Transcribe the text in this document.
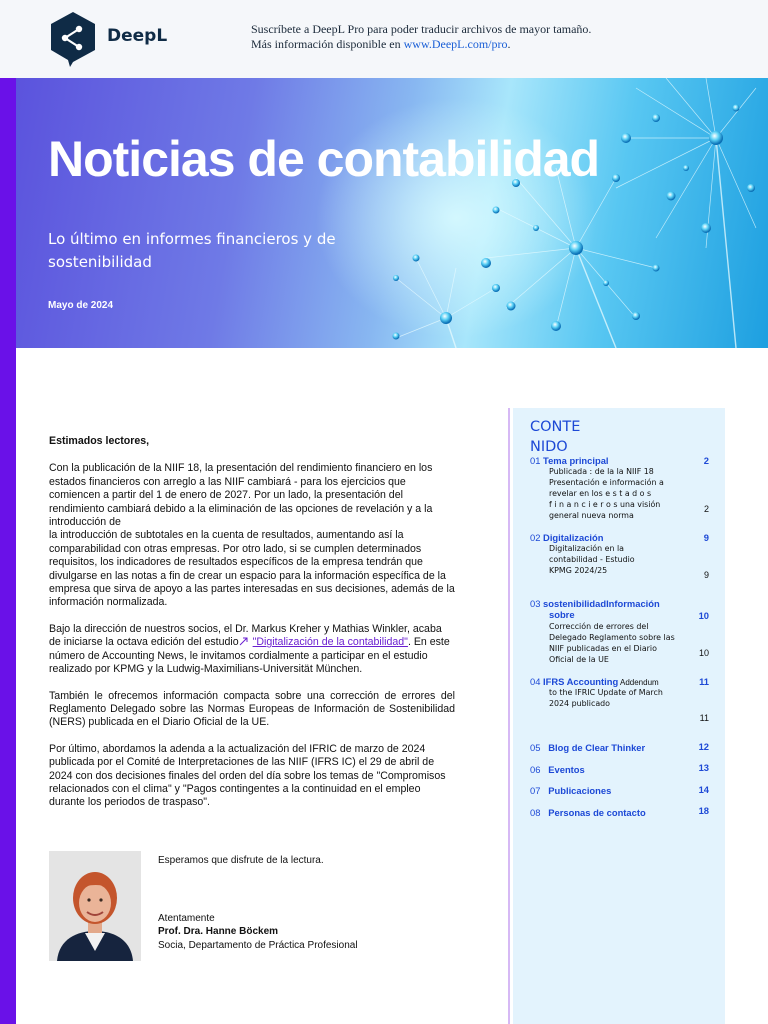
DeepL	Suscríbete a DeepL Pro para poder traducir archivos de mayor tamaño.
Más información disponible en www.DeepL.com/pro.
Noticias de contabilidad
Lo último en informes financieros y de sostenibilidad
Mayo de 2024
Estimados lectores,

Con la publicación de la NIIF 18, la presentación del rendimiento financiero en los estados financieros con arreglo a las NIIF cambiará - para los ejercicios que comiencen a partir del 1 de enero de 2027. Por un lado, la presentación del rendimiento cambiará debido a la eliminación de las opciones de revelación y a la introducción de
la introducción de subtotales en la cuenta de resultados, aumentando así la comparabilidad con otras empresas. Por otro lado, si se cumplen determinados requisitos, los indicadores de resultados específicos de la empresa tendrán que divulgarse en las notas a fin de crear un espacio para la información específica de la empresa que sirva de apoyo a las partes interesadas en sus decisiones, además de la información normalizada.

Bajo la dirección de nuestros socios, el Dr. Markus Kreher y Mathias Winkler, acaba de iniciarse la octava edición del estudio "Digitalización de la contabilidad". En este número de Accounting News, le invitamos cordialmente a participar en el estudio realizado por KPMG y la Ludwig-Maximilians-Universität München.

También le ofrecemos información compacta sobre una corrección de errores del Reglamento Delegado sobre las Normas Europeas de Información de Sostenibilidad (NERS) publicada en el Diario Oficial de la UE.

Por último, abordamos la adenda a la actualización del IFRIC de marzo de 2024 publicada por el Comité de Interpretaciones de las NIIF (IFRS IC) el 29 de abril de 2024 con dos decisiones finales del orden del día sobre los temas de "Compromisos relacionados con el clima" y "Pagos contingentes a la continuidad en el empleo durante los periodos de traspaso".

Esperamos que disfrute de la lectura.
Atentamente
Prof. Dra. Hanne Böckem
Socia, Departamento de Práctica Profesional
CONTE
NIDO
01 Tema principal	2
Publicada : de la la NIIF 18
Presentación e información a
revelar en los e s t a d o s
f i n a n c i e r o s una visión
general nueva norma
2
02 Digitalización	9
Digitalización en la
contabilidad - Estudio
KPMG 2024/25	9
03 sostenibilidadInformación
sobre	10
Corrección de errores del
Delegado Reglamento sobre las
NIIF publicadas en el Diario
Oficial de la UE
10
04 IFRS Accounting Addendum	11
to the IFRIC Update of March
2024 publicado
11
05 Blog de Clear Thinker	12
06 Eventos	13
07 Publicaciones	14
08 Personas de contacto	18
